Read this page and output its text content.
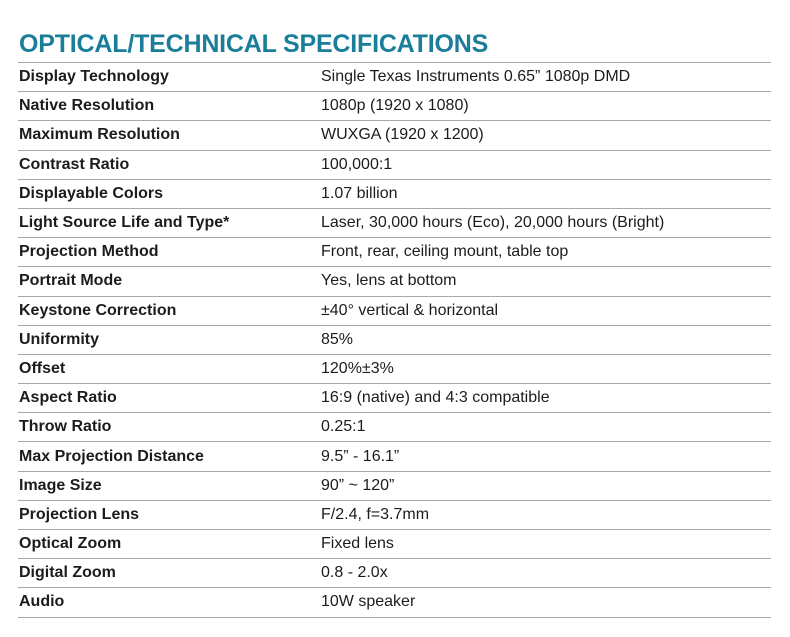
OPTICAL/TECHNICAL SPECIFICATIONS
Display Technology	Single Texas Instruments 0.65” 1080p DMD
Native Resolution	1080p (1920 x 1080)
Maximum Resolution	WUXGA (1920 x 1200)
Contrast Ratio	100,000:1
Displayable Colors	1.07 billion
Light Source Life and Type*	Laser, 30,000 hours (Eco), 20,000 hours (Bright)
Projection Method	Front, rear, ceiling mount, table top
Portrait Mode	Yes, lens at bottom
Keystone Correction	±40° vertical & horizontal
Uniformity	85%
Offset	120%±3%
Aspect Ratio	16:9 (native) and 4:3 compatible
Throw Ratio	0.25:1
Max Projection Distance	9.5” - 16.1”
Image Size	90” ~ 120”
Projection Lens	F/2.4, f=3.7mm
Optical Zoom	Fixed lens
Digital Zoom	0.8 - 2.0x
Audio	10W speaker
